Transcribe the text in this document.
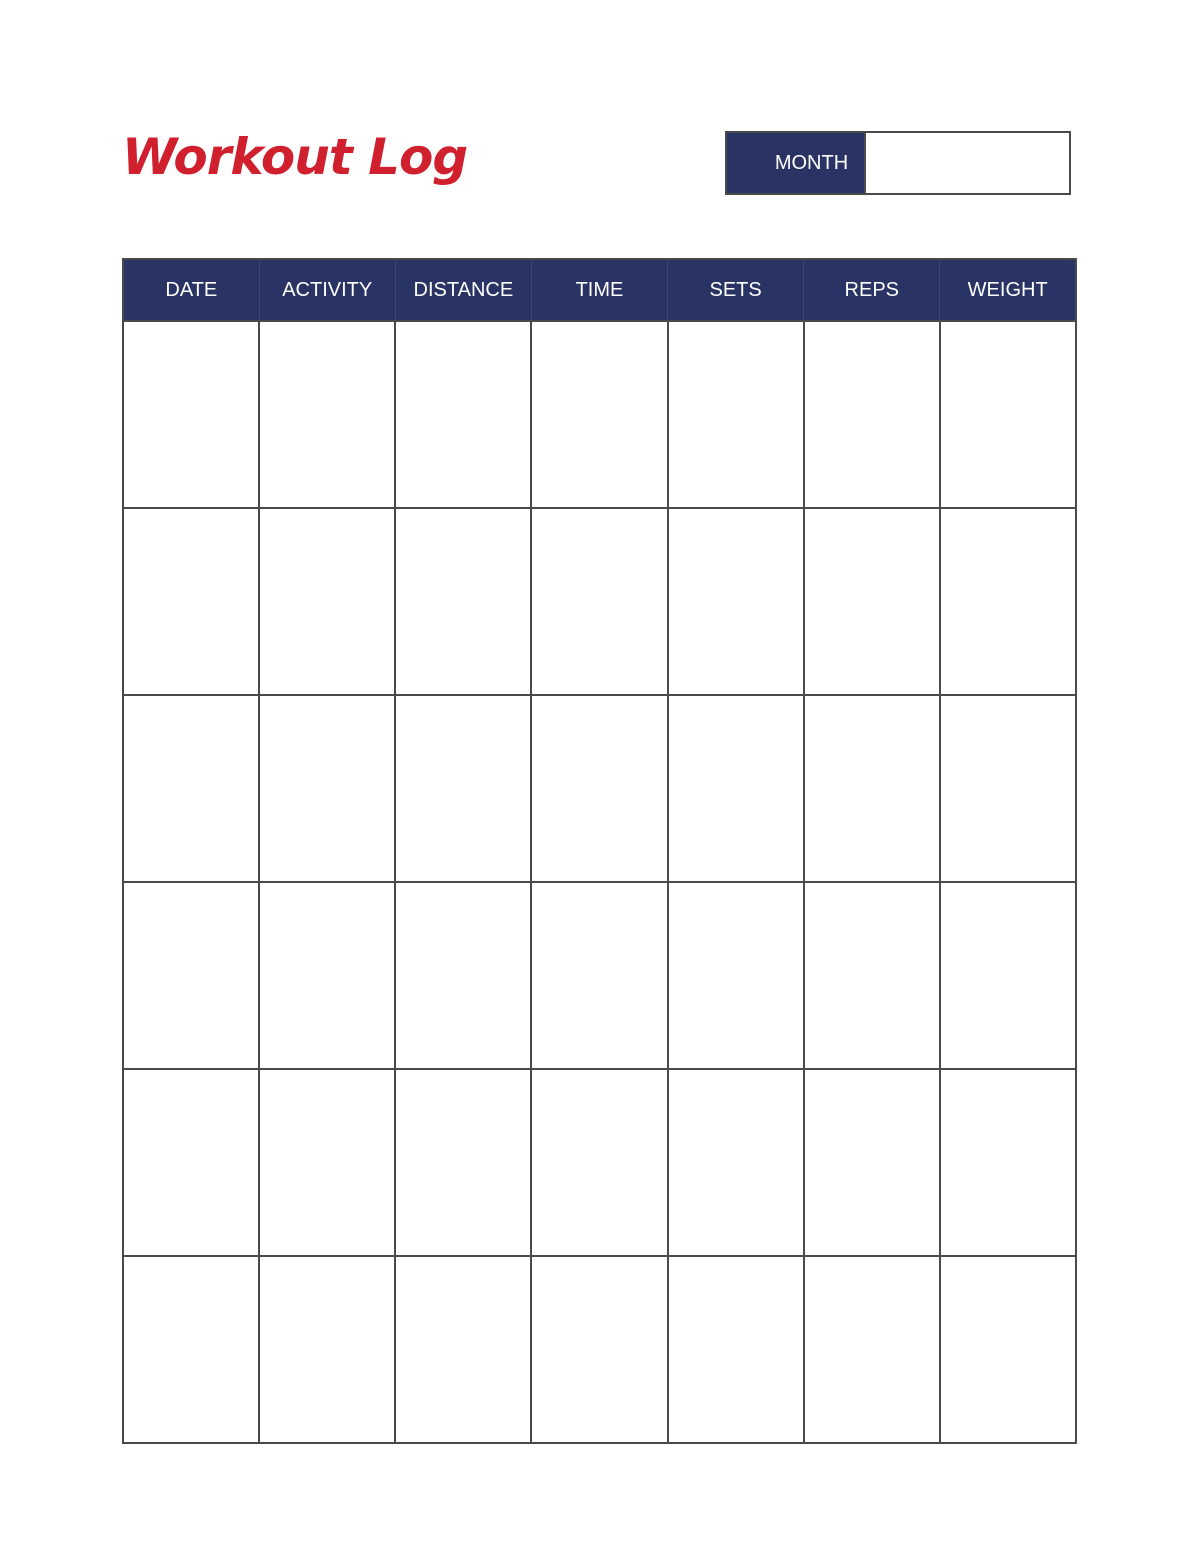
Workout Log	MONTH
DATE	ACTIVITY	DISTANCE	TIME	SETS	REPS	WEIGHT
